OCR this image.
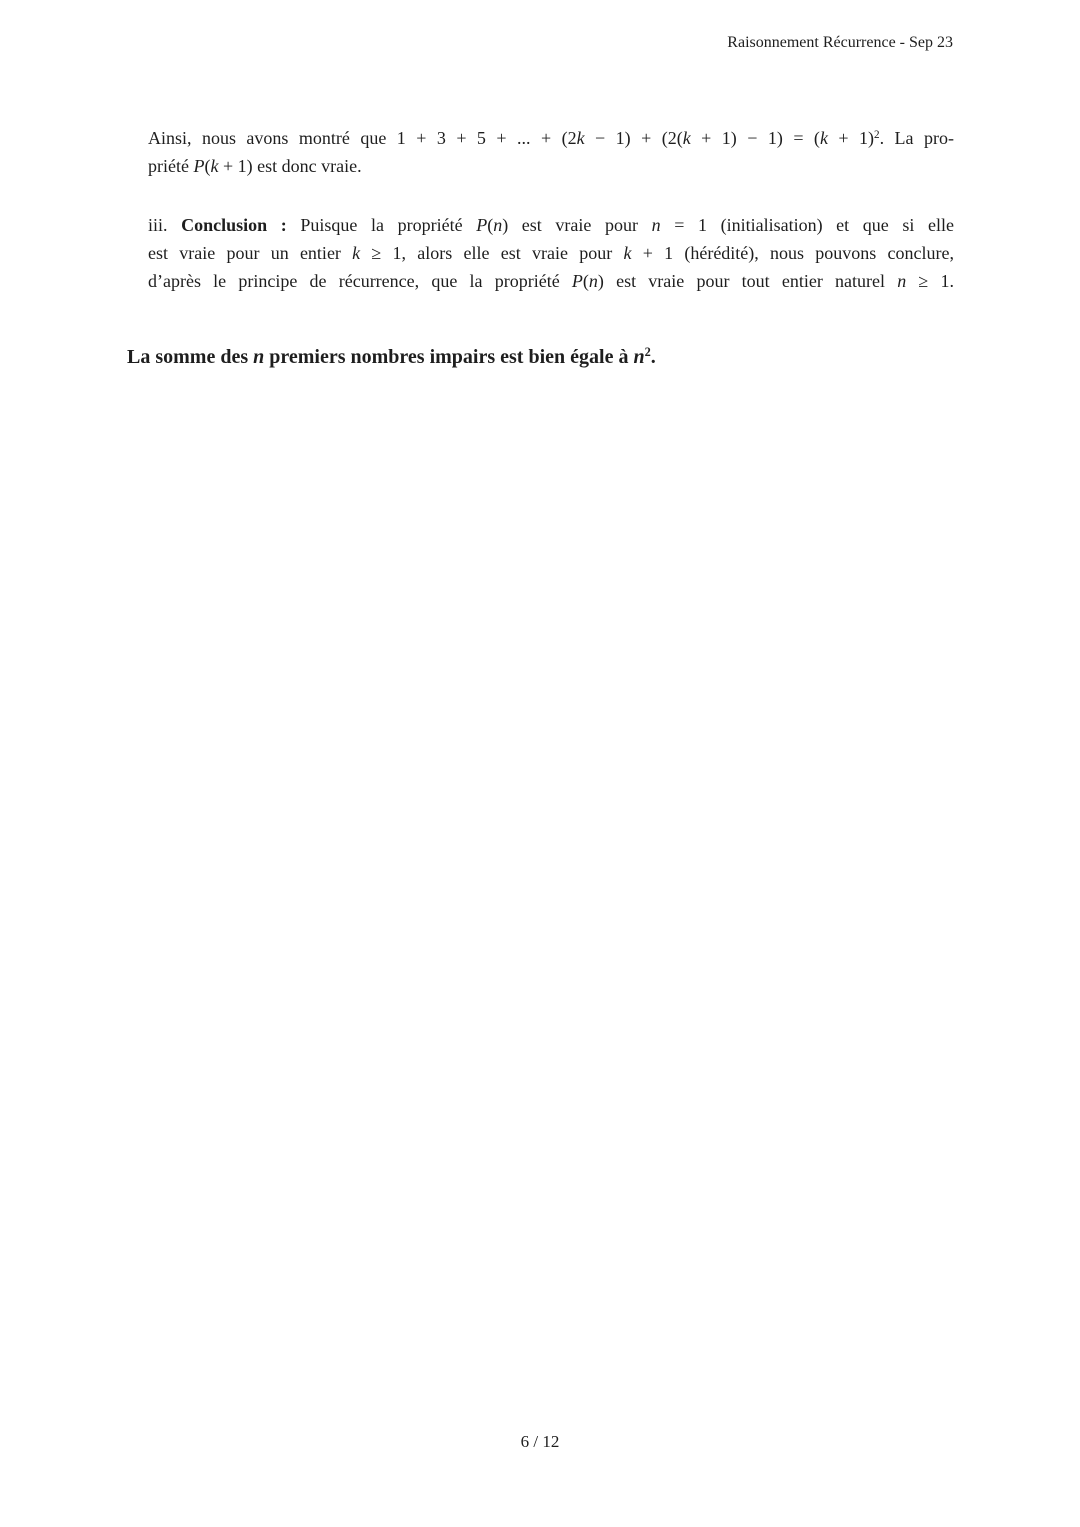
Raisonnement Récurrence - Sep 23
Ainsi, nous avons montré que 1 + 3 + 5 + ... + $(2k - 1) + (2(k + 1) - 1) = (k + 1)^2$. La pro-
priété P(k + 1) est donc vraie.
iii. Conclusion : Puisque la propriété P(n) est vraie pour n = 1 (initialisation) et que si elle
est vraie pour un entier k ≥ 1, alors elle est vraie pour k + 1 (hérédité), nous pouvons conclure,
d’après le principe de récurrence, que la propriété P(n) est vraie pour tout entier naturel n ≥ 1.
La somme des n premiers nombres impairs est bien égale à $n^2$.
6 / 12
